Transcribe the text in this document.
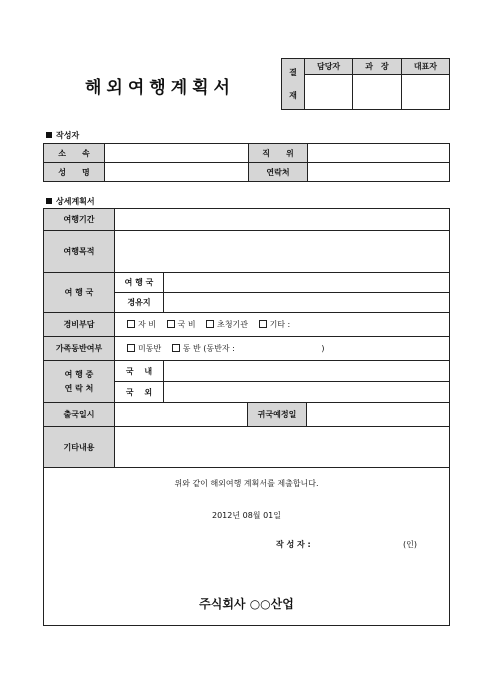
해외여행계획서
결
재	담당자	과　장	대표자

작성자
소　　속		직　　위	
성　　명		연락처	
상세계획서
여행기간				
여행목적				
여 행 국	여 행 국			
	경유지			
경비부담	자 비 국 비 초청기관 기타 :			
가족동반여부	미동반 동 반 (동반자 : )			

여 행 중
연 락 처	국　 내			
	국　 외			
출국일시			귀국예정일	
기타내용				
위와 같이 해외여행 계획서를 제출합니다.
2012년 08월 01일
작 성 자 :	(인)
주식회사 ○○산업
